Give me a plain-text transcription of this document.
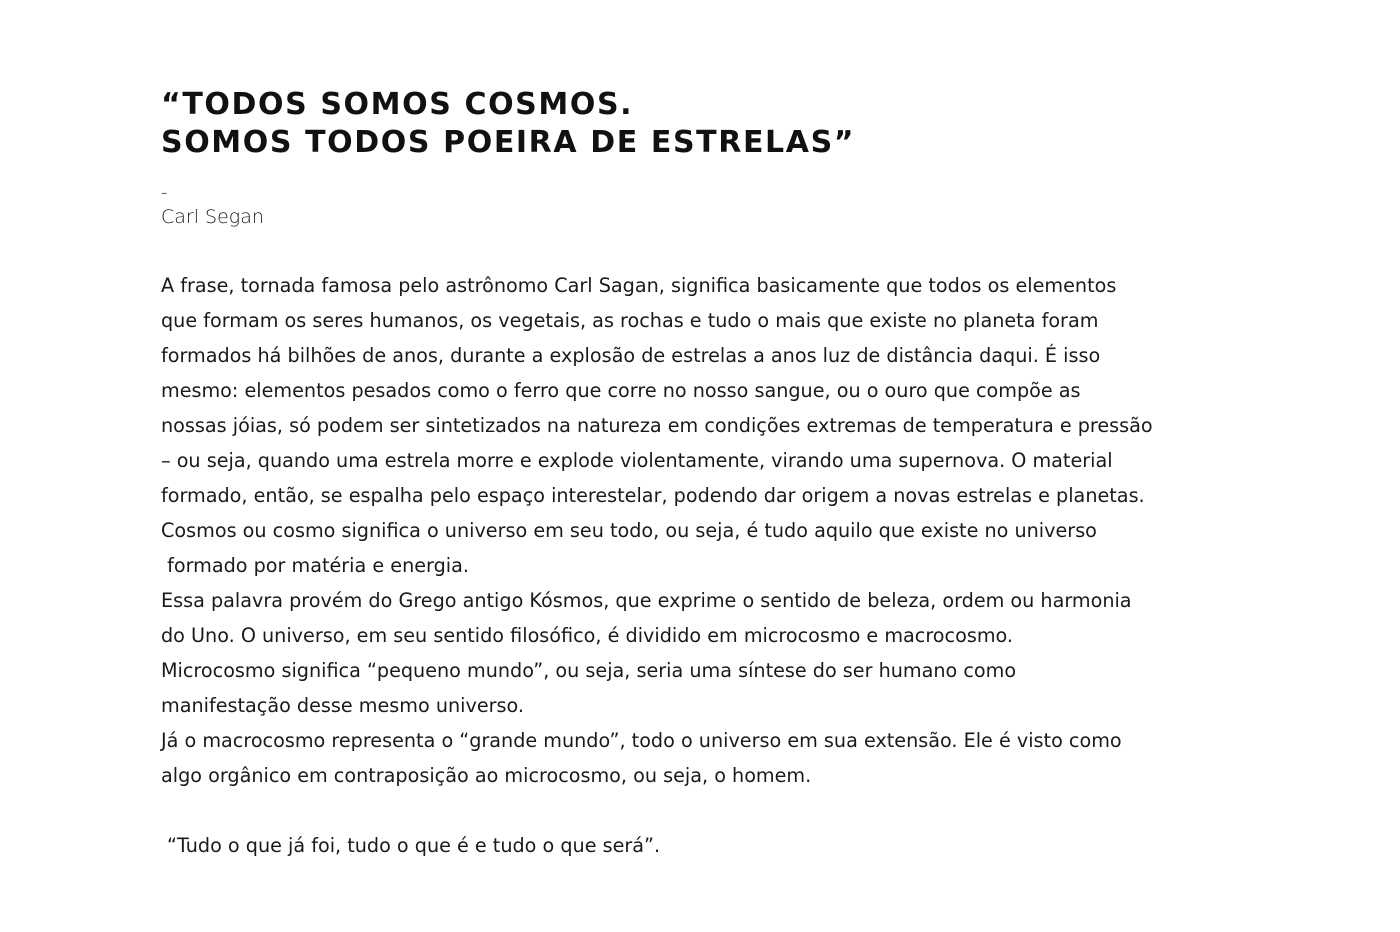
“TODOS SOMOS COSMOS.
SOMOS TODOS POEIRA DE ESTRELAS”
-
Carl Segan
A frase, tornada famosa pelo astrônomo Carl Sagan, significa basicamente que todos os elementos
que formam os seres humanos, os vegetais, as rochas e tudo o mais que existe no planeta foram
formados há bilhões de anos, durante a explosão de estrelas a anos luz de distância daqui. É isso
mesmo: elementos pesados como o ferro que corre no nosso sangue, ou o ouro que compõe as
nossas jóias, só podem ser sintetizados na natureza em condições extremas de temperatura e pressão
– ou seja, quando uma estrela morre e explode violentamente, virando uma supernova. O material
formado, então, se espalha pelo espaço interestelar, podendo dar origem a novas estrelas e planetas.
Cosmos ou cosmo significa o universo em seu todo, ou seja, é tudo aquilo que existe no universo
formado por matéria e energia.
Essa palavra provém do Grego antigo Kósmos, que exprime o sentido de beleza, ordem ou harmonia
do Uno. O universo, em seu sentido filosófico, é dividido em microcosmo e macrocosmo.
Microcosmo significa “pequeno mundo”, ou seja, seria uma síntese do ser humano como
manifestação desse mesmo universo.
Já o macrocosmo representa o “grande mundo”, todo o universo em sua extensão. Ele é visto como
algo orgânico em contraposição ao microcosmo, ou seja, o homem.
“Tudo o que já foi, tudo o que é e tudo o que será”.
